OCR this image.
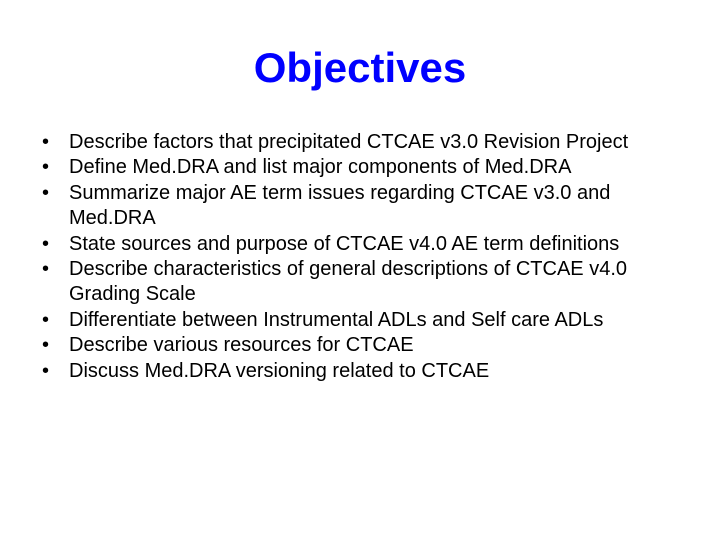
Objectives
• Describe factors that precipitated CTCAE v3.0 Revision Project
• Define Med.DRA and list major components of Med.DRA
• Summarize major AE term issues regarding CTCAE v3.0 and Med.DRA
• State sources and purpose of CTCAE v4.0 AE term definitions
• Describe characteristics of general descriptions of CTCAE v4.0 Grading Scale
• Differentiate between Instrumental ADLs and Self care ADLs
• Describe various resources for CTCAE
• Discuss Med.DRA versioning related to CTCAE
